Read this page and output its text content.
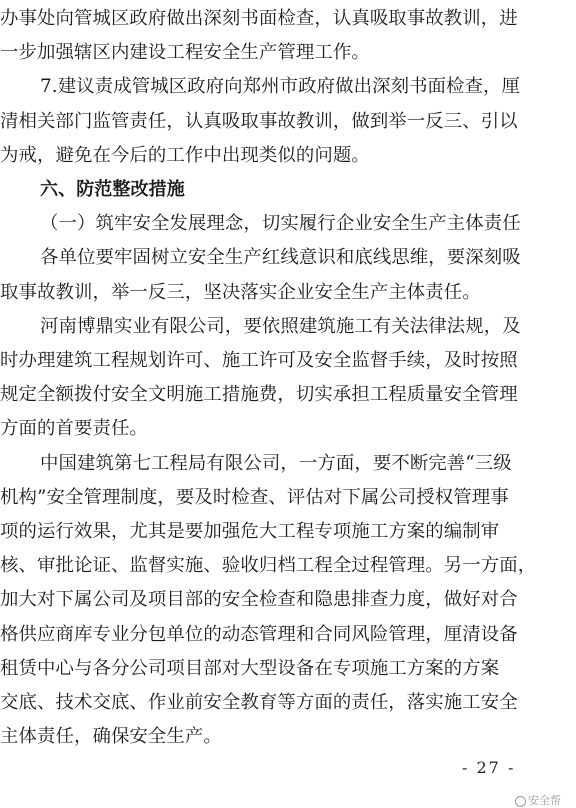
办事处向管城区政府做出深刻书面检查，认真吸取事故教训，进
一步加强辖区内建设工程安全生产管理工作。
7.建议责成管城区政府向郑州市政府做出深刻书面检查，厘
清相关部门监管责任，认真吸取事故教训，做到举一反三、引以
为戒，避免在今后的工作中出现类似的问题。
六、防范整改措施
（一）筑牢安全发展理念，切实履行企业安全生产主体责任
各单位要牢固树立安全生产红线意识和底线思维，要深刻吸
取事故教训，举一反三，坚决落实企业安全生产主体责任。
河南博鼎实业有限公司，要依照建筑施工有关法律法规，及
时办理建筑工程规划许可、施工许可及安全监督手续，及时按照
规定全额拨付安全文明施工措施费，切实承担工程质量安全管理
方面的首要责任。
中国建筑第七工程局有限公司，一方面，要不断完善“三级
机构”安全管理制度，要及时检查、评估对下属公司授权管理事
项的运行效果，尤其是要加强危大工程专项施工方案的编制审
核、审批论证、监督实施、验收归档工程全过程管理。另一方面，
加大对下属公司及项目部的安全检查和隐患排查力度，做好对合
格供应商库专业分包单位的动态管理和合同风险管理，厘清设备
租赁中心与各分公司项目部对大型设备在专项施工方案的方案
交底、技术交底、作业前安全教育等方面的责任，落实施工安全
主体责任，确保安全生产。
- 27 -
安全帮
